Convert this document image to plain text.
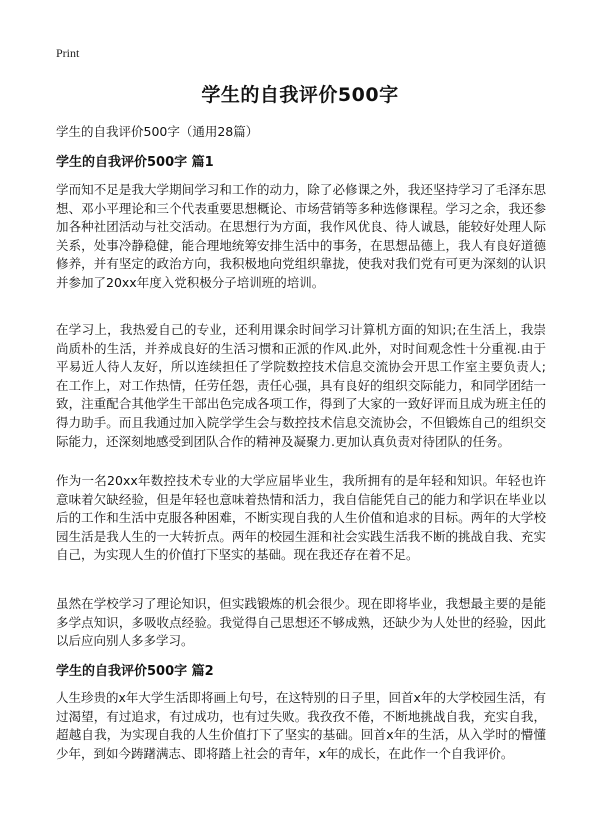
Print
学生的自我评价500字
学生的自我评价500字（通用28篇）
学生的自我评价500字 篇1
学而知不足是我大学期间学习和工作的动力，除了必修课之外，我还坚持学习了毛泽东思想、邓小平理论和三个代表重要思想概论、市场营销等多种选修课程。学习之余，我还参加各种社团活动与社交活动。在思想行为方面，我作风优良、待人诚恳，能较好处理人际关系，处事冷静稳健，能合理地统筹安排生活中的事务，在思想品德上，我人有良好道德修养，并有坚定的政治方向，我积极地向党组织靠拢，使我对我们党有可更为深刻的认识并参加了20xx年度入党积极分子培训班的培训。
在学习上，我热爱自己的专业，还利用课余时间学习计算机方面的知识;在生活上，我崇尚质朴的生活，并养成良好的生活习惯和正派的作风.此外，对时间观念性十分重视.由于平易近人待人友好，所以连续担任了学院数控技术信息交流协会开思工作室主要负责人;在工作上，对工作热情，任劳任怨，责任心强，具有良好的组织交际能力，和同学团结一致，注重配合其他学生干部出色完成各项工作，得到了大家的一致好评而且成为班主任的得力助手。而且我通过加入院学学生会与数控技术信息交流协会，不但锻炼自己的组织交际能力，还深刻地感受到团队合作的精神及凝聚力.更加认真负责对待团队的任务。
作为一名20xx年数控技术专业的大学应届毕业生，我所拥有的是年轻和知识。年轻也许意味着欠缺经验，但是年轻也意味着热情和活力，我自信能凭自己的能力和学识在毕业以后的工作和生活中克服各种困难，不断实现自我的人生价值和追求的目标。两年的大学校园生活是我人生的一大转折点。两年的校园生涯和社会实践生活我不断的挑战自我、充实自己，为实现人生的价值打下坚实的基础。现在我还存在着不足。
虽然在学校学习了理论知识，但实践锻炼的机会很少。现在即将毕业，我想最主要的是能多学点知识，多吸收点经验。我觉得自己思想还不够成熟，还缺少为人处世的经验，因此以后应向别人多多学习。
学生的自我评价500字 篇2
人生珍贵的x年大学生活即将画上句号，在这特别的日子里，回首x年的大学校园生活，有过渴望，有过追求，有过成功，也有过失败。我孜孜不倦，不断地挑战自我，充实自我，超越自我，为实现自我的人生价值打下了坚实的基础。回首x年的生活，从入学时的懵懂少年，到如今踌躇满志、即将踏上社会的青年，x年的成长，在此作一个自我评价。
